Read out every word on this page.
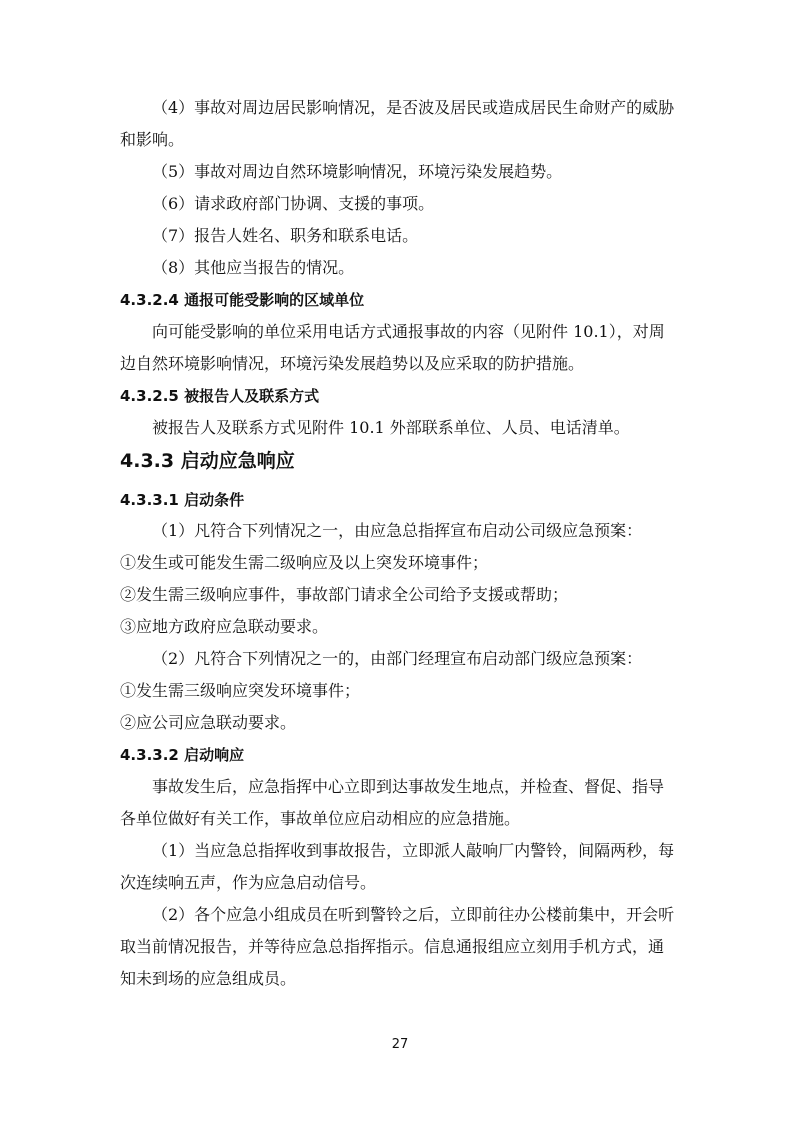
（4）事故对周边居民影响情况，是否波及居民或造成居民生命财产的威胁
和影响。
（5）事故对周边自然环境影响情况，环境污染发展趋势。
（6）请求政府部门协调、支援的事项。
（7）报告人姓名、职务和联系电话。
（8）其他应当报告的情况。
4.3.2.4 通报可能受影响的区域单位
向可能受影响的单位采用电话方式通报事故的内容（见附件 10.1），对周
边自然环境影响情况，环境污染发展趋势以及应采取的防护措施。
4.3.2.5 被报告人及联系方式
被报告人及联系方式见附件 10.1 外部联系单位、人员、电话清单。
4.3.3 启动应急响应
4.3.3.1 启动条件
（1）凡符合下列情况之一，由应急总指挥宣布启动公司级应急预案：
①发生或可能发生需二级响应及以上突发环境事件；
②发生需三级响应事件，事故部门请求全公司给予支援或帮助；
③应地方政府应急联动要求。
（2）凡符合下列情况之一的，由部门经理宣布启动部门级应急预案：
①发生需三级响应突发环境事件；
②应公司应急联动要求。
4.3.3.2 启动响应
事故发生后，应急指挥中心立即到达事故发生地点，并检查、督促、指导
各单位做好有关工作，事故单位应启动相应的应急措施。
（1）当应急总指挥收到事故报告，立即派人敲响厂内警铃，间隔两秒，每
次连续响五声，作为应急启动信号。
（2）各个应急小组成员在听到警铃之后，立即前往办公楼前集中，开会听
取当前情况报告，并等待应急总指挥指示。信息通报组应立刻用手机方式，通
知未到场的应急组成员。
27
